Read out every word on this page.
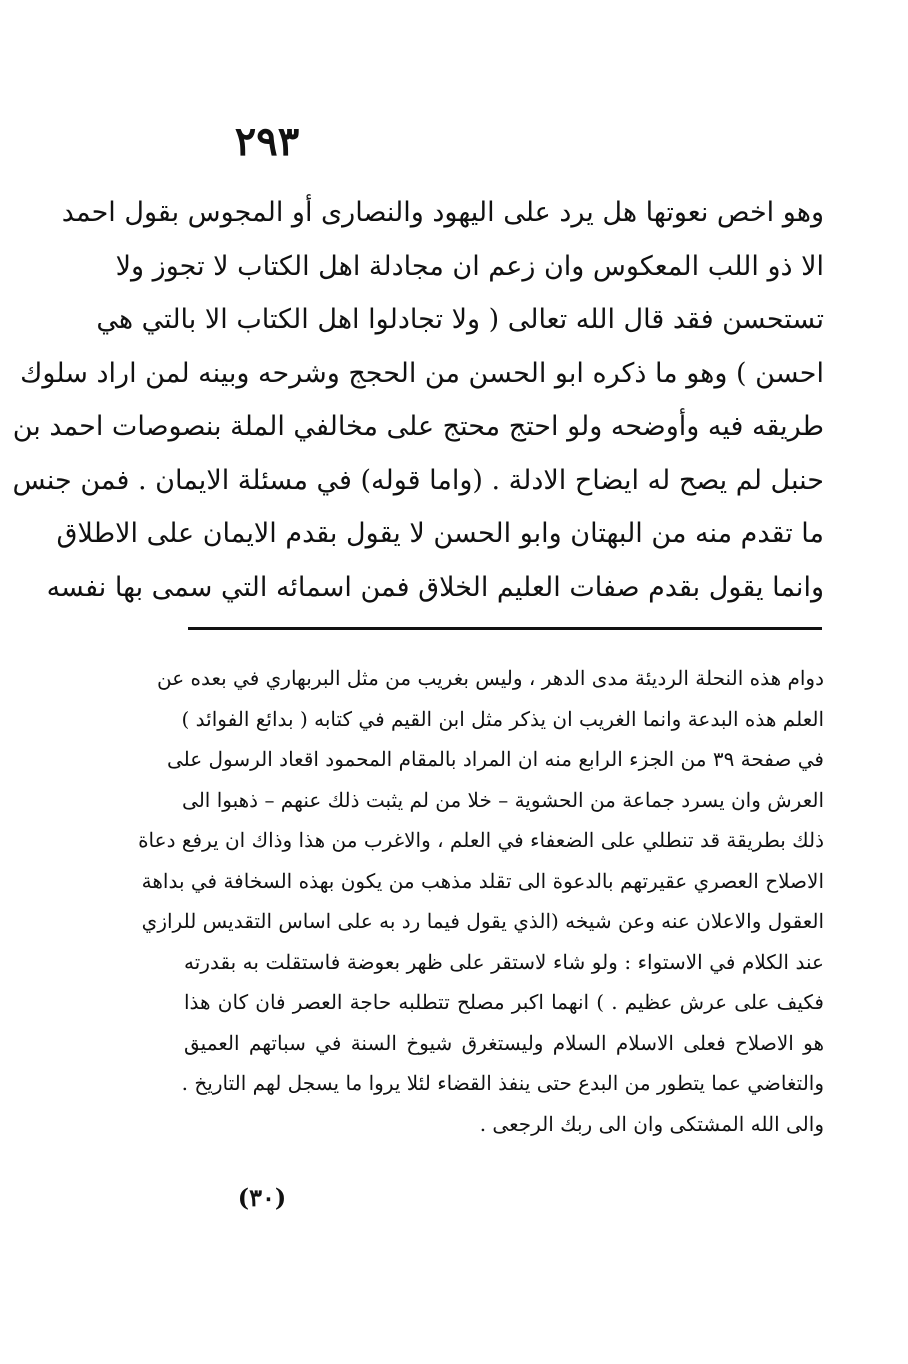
٢٩٣
وهو اخص نعوتها هل يرد على اليهود والنصارى أو المجوس بقول احمد
الا ذو اللب المعكوس وان زعم ان مجادلة اهل الكتاب لا تجوز ولا
تستحسن فقد قال الله تعالى ( ولا تجادلوا اهل الكتاب الا بالتي هي
احسن ) وهو ما ذكره ابو الحسن من الحجج وشرحه وبينه لمن اراد سلوك
طريقه فيه وأوضحه ولو احتج محتج على مخالفي الملة بنصوصات احمد بن
حنبل لم يصح له ايضاح الادلة . (واما قوله) في مسئلة الايمان . فمن جنس
ما تقدم منه من البهتان وابو الحسن لا يقول بقدم الايمان على الاطلاق
وانما يقول بقدم صفات العليم الخلاق فمن اسمائه التي سمى بها نفسه
دوام هذه النحلة الرديئة مدى الدهر ، وليس بغريب من مثل البربهاري في بعده عن
العلم هذه البدعة وانما الغريب ان يذكر مثل ابن القيم في كتابه ( بدائع الفوائد )
في صفحة ٣٩ من الجزء الرابع منه ان المراد بالمقام المحمود اقعاد الرسول على
العرش وان يسرد جماعة من الحشوية – خلا من لم يثبت ذلك عنهم – ذهبوا الى
ذلك بطريقة قد تنطلي على الضعفاء في العلم ، والاغرب من هذا وذاك ان يرفع دعاة
الاصلاح العصري عقيرتهم بالدعوة الى تقلد مذهب من يكون بهذه السخافة في بداهة
العقول والاعلان عنه وعن شيخه (الذي يقول فيما رد به على اساس التقديس للرازي
عند الكلام في الاستواء : ولو شاء لاستقر على ظهر بعوضة فاستقلت به بقدرته
فكيف على عرش عظيم . ) انهما اكبر مصلح تتطلبه حاجة العصر فان كان هذا
هو الاصلاح فعلى الاسلام السلام وليستغرق شيوخ السنة في سباتهم العميق
والتغاضي عما يتطور من البدع حتى ينفذ القضاء لئلا يروا ما يسجل لهم التاريخ .
والى الله المشتكى وان الى ربك الرجعى .
(٣٠)
